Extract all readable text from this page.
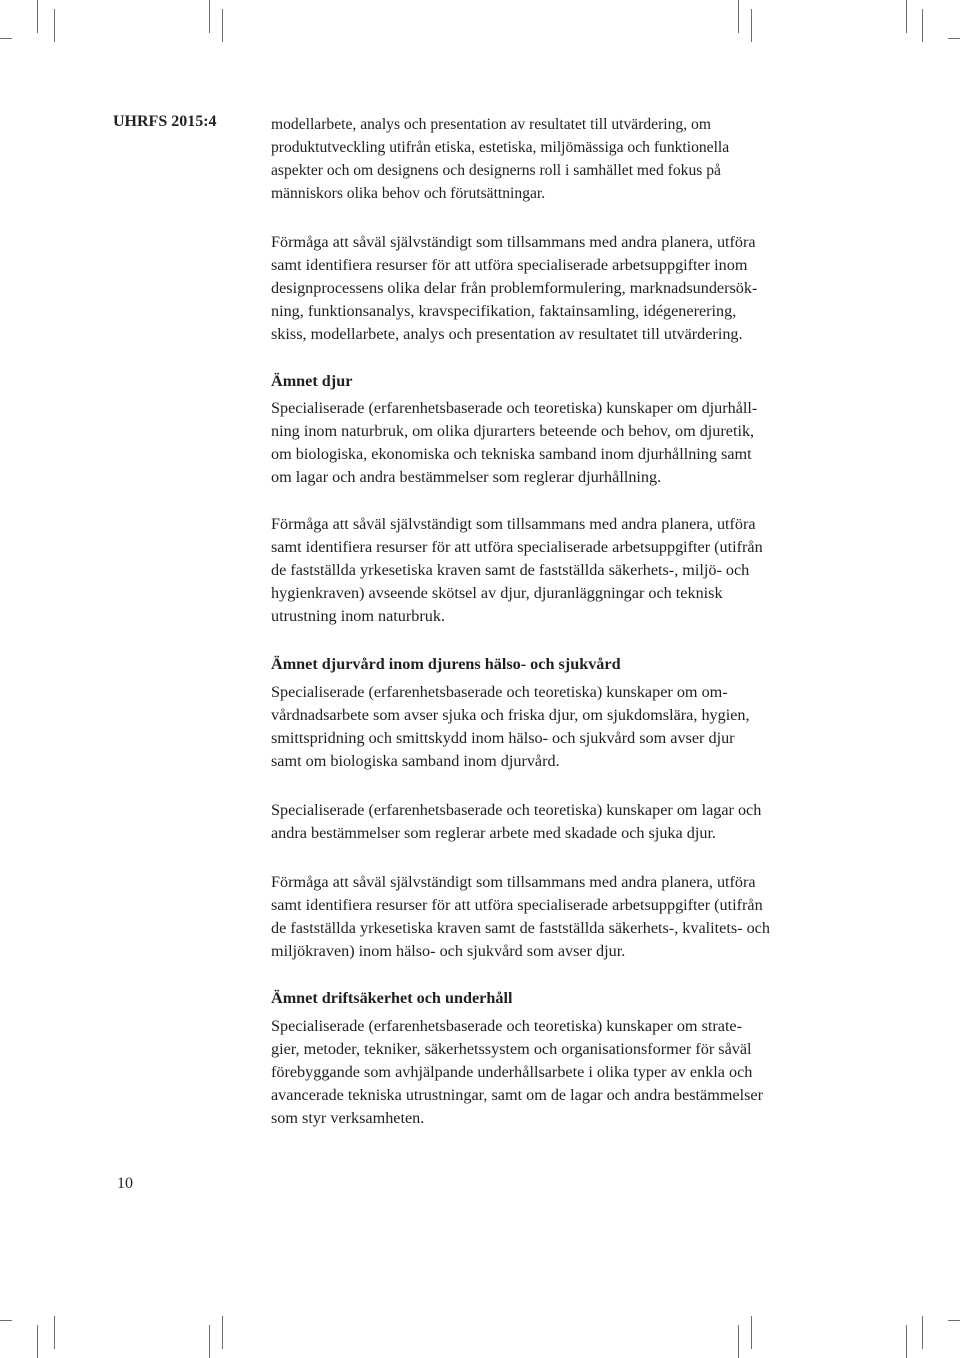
UHRFS 2015:4	modellarbete, analys och presentation av resultatet till utvärdering, om
produktutveckling utifrån etiska, estetiska, miljömässiga och funktionella
aspekter och om designens och designerns roll i samhället med fokus på
människors olika behov och förutsättningar.
Förmåga att såväl självständigt som tillsammans med andra planera, utföra
samt identifiera resurser för att utföra specialiserade arbetsuppgifter inom
designprocessens olika delar från problemformulering, marknadsundersök-
ning, funktionsanalys, kravspecifikation, faktainsamling, idégenerering,
skiss, modellarbete, analys och presentation av resultatet till utvärdering.
Ämnet djur
Specialiserade (erfarenhetsbaserade och teoretiska) kunskaper om djurhåll-
ning inom naturbruk, om olika djurarters beteende och behov, om djuretik,
om biologiska, ekonomiska och tekniska samband inom djurhållning samt
om lagar och andra bestämmelser som reglerar djurhållning.
Förmåga att såväl självständigt som tillsammans med andra planera, utföra
samt identifiera resurser för att utföra specialiserade arbetsuppgifter (utifrån
de fastställda yrkesetiska kraven samt de fastställda säkerhets-, miljö- och
hygienkraven) avseende skötsel av djur, djuranläggningar och teknisk
utrustning inom naturbruk.
Ämnet djurvård inom djurens hälso- och sjukvård
Specialiserade (erfarenhetsbaserade och teoretiska) kunskaper om om-
vårdnadsarbete som avser sjuka och friska djur, om sjukdomslära, hygien,
smittspridning och smittskydd inom hälso- och sjukvård som avser djur
samt om biologiska samband inom djurvård.
Specialiserade (erfarenhetsbaserade och teoretiska) kunskaper om lagar och
andra bestämmelser som reglerar arbete med skadade och sjuka djur.
Förmåga att såväl självständigt som tillsammans med andra planera, utföra
samt identifiera resurser för att utföra specialiserade arbetsuppgifter (utifrån
de fastställda yrkesetiska kraven samt de fastställda säkerhets-, kvalitets- och
miljökraven) inom hälso- och sjukvård som avser djur.
Ämnet driftsäkerhet och underhåll
Specialiserade (erfarenhetsbaserade och teoretiska) kunskaper om strate-
gier, metoder, tekniker, säkerhetssystem och organisationsformer för såväl
förebyggande som avhjälpande underhållsarbete i olika typer av enkla och
avancerade tekniska utrustningar, samt om de lagar och andra bestämmelser
som styr verksamheten.
10
